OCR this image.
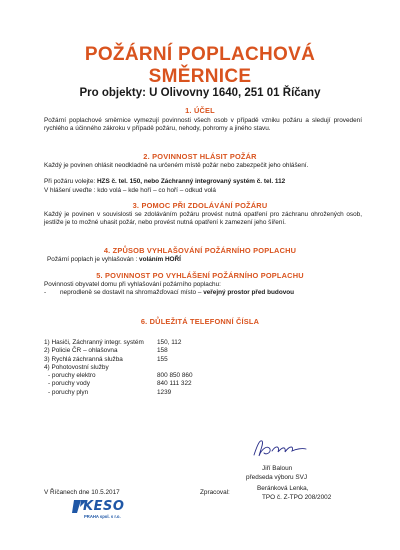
POŽÁRNÍ POPLACHOVÁ
SMĚRNICE
Pro objekty: U Olivovny 1640, 251 01 Říčany
1. ÚČEL
Požární poplachové směrnice vymezují povinnosti všech osob v případě vzniku požáru a sledují provedení rychlého a účinného zákroku v případě požáru, nehody, pohromy a jiného stavu.
2. POVINNOST HLÁSIT POŽÁR
Každý je povinen ohlásit neodkladně na určeném místě požár nebo zabezpečit jeho ohlášení.
Při požáru volejte: HZS č. tel. 150, nebo Záchranný integrovaný systém č. tel. 112
V hlášení uveďte : kdo volá – kde hoří – co hoří – odkud volá
3. POMOC PŘI ZDOLÁVÁNÍ POŽÁRU
Každý je povinen v souvislosti se zdoláváním požáru provést nutná opatření pro záchranu ohrožených osob, jestliže je to možné uhasit požár, nebo provést nutná opatření k zamezení jeho šíření.
4. ZPŮSOB VYHLAŠOVÁNÍ POŽÁRNÍHO POPLACHU
Požární poplach je vyhlašován : voláním HOŘÍ
5. POVINNOST PO VYHLÁŠENÍ POŽÁRNÍHO POPLACHU
Povinnosti obyvatel domu při vyhlašování požárního poplachu:
- neprodleně se dostavit na shromažďovací místo – veřejný prostor před budovou
6. DŮLEŽITÁ TELEFONNÍ ČÍSLA
1) Hasiči, Záchranný integr. systém 150, 112
2) Policie ČR – ohlašovna	158
3) Rychlá záchranná služba	155
4) Pohotovostní služby
- poruchy elektro	800 850 860
- poruchy vody	840 111 322
- poruchy plyn	1239
Jiří Baloun
předseda výboru SVJ
V Říčanech dne 10.5.2017
KESO
PRAHA spol. s r.o.
Zpracoval:
Beránková Lenka,
TPO č. Z-TPO 208/2002
